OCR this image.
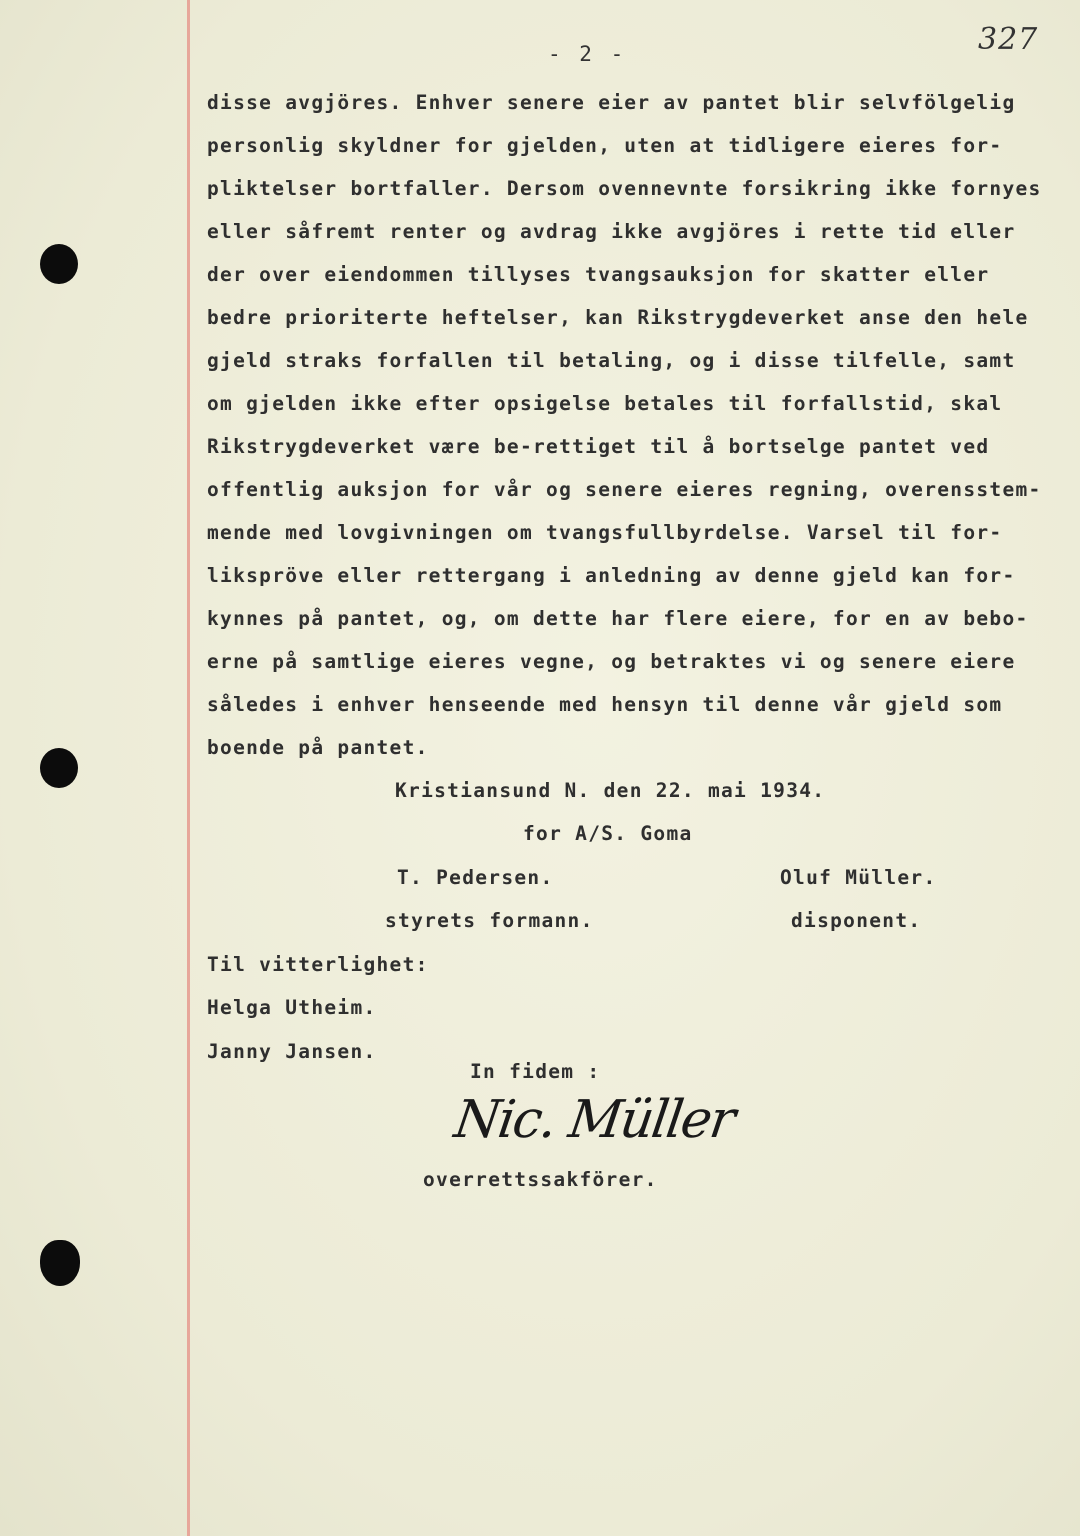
327
- 2 -
disse avgjöres. Enhver senere eier av pantet blir selvfölgelig
personlig skyldner for gjelden, uten at tidligere eieres for-
pliktelser bortfaller. Dersom ovennevnte forsikring ikke fornyes
eller såfremt renter og avdrag ikke avgjöres i rette tid eller
der over eiendommen tillyses tvangsauksjon for skatter eller
bedre prioriterte heftelser, kan Rikstrygdeverket anse den hele
gjeld straks forfallen til betaling, og i disse tilfelle, samt
om gjelden ikke efter opsigelse betales til forfallstid, skal
Rikstrygdeverket være be-rettiget til å bortselge pantet ved
offentlig auksjon for vår og senere eieres regning, overensstem-
mende med lovgivningen om tvangsfullbyrdelse. Varsel til for-
likspröve eller rettergang i anledning av denne gjeld kan for-
kynnes på pantet, og, om dette har flere eiere, for en av bebo-
erne på samtlige eieres vegne, og betraktes vi og senere eiere
således i enhver henseende med hensyn til denne vår gjeld som
boende på pantet.
Kristiansund N. den 22. mai 1934.
for A/S. Goma
T. Pedersen.	Oluf Müller.
styrets formann.	disponent.
Til vitterlighet:
Helga Utheim.
Janny Jansen.
In fidem :
Nic. Müller
overrettssakförer.
